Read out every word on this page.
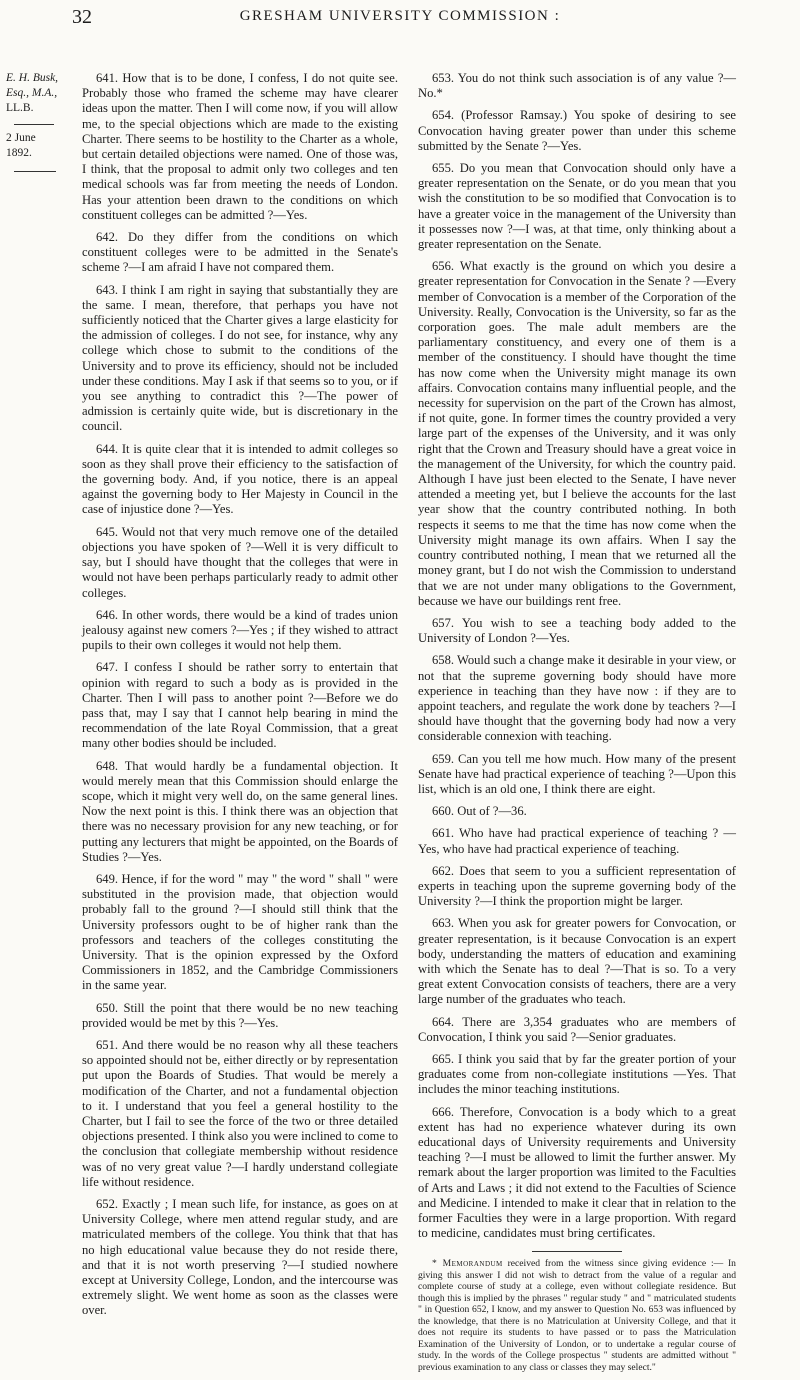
32	GRESHAM UNIVERSITY COMMISSION :
E. H. Busk,
Esq., M.A.,
LL.B.
2 June 1892.

641. How that is to be done, I confess, I do not quite see. Probably those who framed the scheme may have clearer ideas upon the matter. Then I will come now, if you will allow me, to the special objections which are made to the existing Charter. There seems to be hostility to the Charter as a whole, but certain detailed objections were named. One of those was, I think, that the proposal to admit only two colleges and ten medical schools was far from meeting the needs of London. Has your attention been drawn to the conditions on which constituent colleges can be admitted ?—Yes.

642. Do they differ from the conditions on which constituent colleges were to be admitted in the Senate's scheme ?—I am afraid I have not compared them.

643. I think I am right in saying that substantially they are the same. I mean, therefore, that perhaps you have not sufficiently noticed that the Charter gives a large elasticity for the admission of colleges. I do not see, for instance, why any college which chose to submit to the conditions of the University and to prove its efficiency, should not be included under these conditions. May I ask if that seems so to you, or if you see anything to contradict this ?—The power of admission is certainly quite wide, but is discretionary in the council.

644. It is quite clear that it is intended to admit colleges so soon as they shall prove their efficiency to the satisfaction of the governing body. And, if you notice, there is an appeal against the governing body to Her Majesty in Council in the case of injustice done ?—Yes.

645. Would not that very much remove one of the detailed objections you have spoken of ?—Well it is very difficult to say, but I should have thought that the colleges that were in would not have been perhaps particularly ready to admit other colleges.

646. In other words, there would be a kind of trades union jealousy against new comers ?—Yes ; if they wished to attract pupils to their own colleges it would not help them.

647. I confess I should be rather sorry to entertain that opinion with regard to such a body as is provided in the Charter. Then I will pass to another point ?—Before we do pass that, may I say that I cannot help bearing in mind the recommendation of the late Royal Commission, that a great many other bodies should be included.

648. That would hardly be a fundamental objection. It would merely mean that this Commission should enlarge the scope, which it might very well do, on the same general lines. Now the next point is this. I think there was an objection that there was no necessary provision for any new teaching, or for putting any lecturers that might be appointed, on the Boards of Studies ?—Yes.

649. Hence, if for the word " may " the word " shall " were substituted in the provision made, that objection would probably fall to the ground ?—I should still think that the University professors ought to be of higher rank than the professors and teachers of the colleges constituting the University. That is the opinion expressed by the Oxford Commissioners in 1852, and the Cambridge Commissioners in the same year.

650. Still the point that there would be no new teaching provided would be met by this ?—Yes.

651. And there would be no reason why all these teachers so appointed should not be, either directly or by representation put upon the Boards of Studies. That would be merely a modification of the Charter, and not a fundamental objection to it. I understand that you feel a general hostility to the Charter, but I fail to see the force of the two or three detailed objections presented. I think also you were inclined to come to the conclusion that collegiate membership without residence was of no very great value ?—I hardly understand collegiate life without residence.

652. Exactly ; I mean such life, for instance, as goes on at University College, where men attend regular study, and are matriculated members of the college. You think that that has no high educational value because they do not reside there, and that it is not worth preserving ?—I studied nowhere except at University College, London, and the intercourse was extremely slight. We went home as soon as the classes were over.

653. You do not think such association is of any value ?—No.*

654. (Professor Ramsay.) You spoke of desiring to see Convocation having greater power than under this scheme submitted by the Senate ?—Yes.

655. Do you mean that Convocation should only have a greater representation on the Senate, or do you mean that you wish the constitution to be so modified that Convocation is to have a greater voice in the management of the University than it possesses now ?—I was, at that time, only thinking about a greater representation on the Senate.

656. What exactly is the ground on which you desire a greater representation for Convocation in the Senate ? —Every member of Convocation is a member of the Corporation of the University. Really, Convocation is the University, so far as the corporation goes. The male adult members are the parliamentary constituency, and every one of them is a member of the constituency. I should have thought the time has now come when the University might manage its own affairs. Convocation contains many influential people, and the necessity for supervision on the part of the Crown has almost, if not quite, gone. In former times the country provided a very large part of the expenses of the University, and it was only right that the Crown and Treasury should have a great voice in the management of the University, for which the country paid. Although I have just been elected to the Senate, I have never attended a meeting yet, but I believe the accounts for the last year show that the country contributed nothing. In both respects it seems to me that the time has now come when the University might manage its own affairs. When I say the country contributed nothing, I mean that we returned all the money grant, but I do not wish the Commission to understand that we are not under many obligations to the Government, because we have our buildings rent free.

657. You wish to see a teaching body added to the University of London ?—Yes.

658. Would such a change make it desirable in your view, or not that the supreme governing body should have more experience in teaching than they have now : if they are to appoint teachers, and regulate the work done by teachers ?—I should have thought that the governing body had now a very considerable connexion with teaching.

659. Can you tell me how much. How many of the present Senate have had practical experience of teaching ?—Upon this list, which is an old one, I think there are eight.

660. Out of ?—36.

661. Who have had practical experience of teaching ? —Yes, who have had practical experience of teaching.

662. Does that seem to you a sufficient representation of experts in teaching upon the supreme governing body of the University ?—I think the proportion might be larger.

663. When you ask for greater powers for Convocation, or greater representation, is it because Convocation is an expert body, understanding the matters of education and examining with which the Senate has to deal ?—That is so. To a very great extent Convocation consists of teachers, there are a very large number of the graduates who teach.

664. There are 3,354 graduates who are members of Convocation, I think you said ?—Senior graduates.

665. I think you said that by far the greater portion of your graduates come from non-collegiate institutions —Yes. That includes the minor teaching institutions.

666. Therefore, Convocation is a body which to a great extent has had no experience whatever during its own educational days of University requirements and University teaching ?—I must be allowed to limit the further answer. My remark about the larger proportion was limited to the Faculties of Arts and Laws ; it did not extend to the Faculties of Science and Medicine. I intended to make it clear that in relation to the former Faculties they were in a large proportion. With regard to medicine, candidates must bring certificates.

* Memorandum received from the witness since giving evidence :— In giving this answer I did not wish to detract from the value of a regular and complete course of study at a college, even without collegiate residence. But though this is implied by the phrases " regular study " and " matriculated students " in Question 652, I know, and my answer to Question No. 653 was influenced by the knowledge, that there is no Matriculation at University College, and that it does not require its students to have passed or to pass the Matriculation Examination of the University of London, or to undertake a regular course of study. In the words of the College prospectus " students are admitted without " previous examination to any class or classes they may select."
